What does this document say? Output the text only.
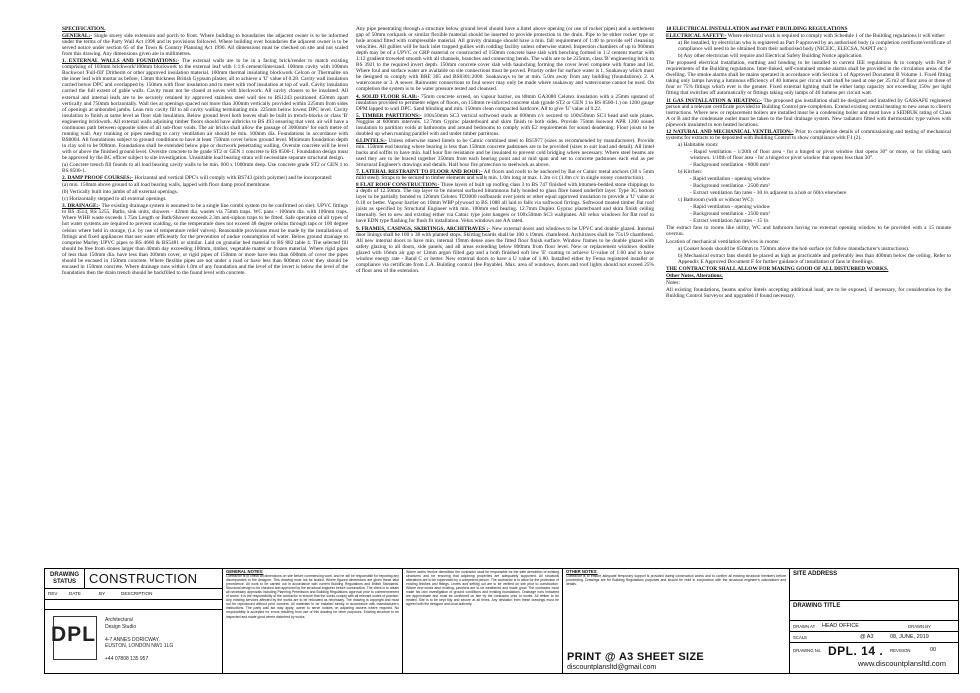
SPECIFICATION.

GENERAL:- Single storey side extension and porch to front. Where building to boundaries the adjacent owner is to be informed under the terms of the Party Wall Act 1996 and its provisions followed. Where building over boundaries the adjacent owner is to be served notice under section 65 of the Town & Country Planning Act 1990. All dimensions must be checked on site and not scaled from this drawing. Any dimensions given are in millimetres.

1. EXTERNAL WALLS AND FOUNDATIONS:- The external walls are to be in a facing brick/render to match existing comprising of 103mm brickwork/100mm blockwork to the external leaf with 1:1:6 cement/lime/sand. 100mm cavity with 100mm Rockwool 'Full-fill' Dritherm or other approved insulation material. 100mm thermal insulating blockwork Celcon or Thermalite on the inner leaf with mortar as before, 13mm thickness British Gypsum plaster, all to achieve a 'U' value of 0.28. Cavity wall insulation carried below DPC and overlapped by 150mm with floor insulation and to meet with roof insulation at top of wall. Cavity insulation carried the full extent of gable walls. Cavity must not be closed at eaves with blockwork. All cavity closers to be insulated. All external and internal leafs are to be securely retained by approved stainless steel wall ties to BS1243 positioned 450mm apart vertically and 750mm horizontally. Wall ties at openings spaced not more than 300mm vertically provided within 225mm from sides of openings at unbonded jambs. Lean mix cavity fill to all cavity walling terminating min. 225mm below lowest DPC level. Cavity insulation to finish at same level as floor slab insulation. Below ground level both leaves shall be built in trench-blocks or class 'B' engineering brickwork. All external walls adjoining timber floors should have airbricks to BS 493 ensuring that vent. air will have a continuous path between opposite sides of all sub-floor voids. The air bricks shall allow the passage of 3000mm² for each metre of running wall. Any trunking or pipes needing to carry ventilation air should be min. 100mm dia. Foundations in accordance with BS8004. All foundations subject to ground conditions to have at least 750mm cover below ground level. Minimum foundation depth in clay soil to be 900mm. Foundations shall be extended below pipe or ductwork penetrating walling. Oversite concrete will be level with or above the finished ground level. Oversite concrete to be grade ST2 or GEN 1 concrete to BS 8500-1. Foundation design must be approved by the BC officer subject to site investigation. Unsuitable load bearing strata will necessitate separate structural design.

(a) Concrete trench fill founds to all load bearing cavity walls to be min. 600 x 1000mm deep. Use concrete grade ST2 or GEN 1 to BS 8500-1.

2. DAMP PROOF COURSES:- Horizontal and vertical DPC's will comply with BS743 (pitch polymer) and be incorporated:

(a) min. 150mm above ground to all load bearing walls, lapped with floor damp proof membrane.

(b) Vertically built into jambs of all external openings.

(c) Horizontally stepped to all external openings.

3. DRAINAGE:- The existing drainage system is assumed to be a single line combi system (to be confirmed on site). UPVC fittings to BS 4514, BS 5255. Baths, sink units, showers - 42mm dia. wastes via 75mm traps. WC pans - 100mm dia. with 100mm traps. Where WHB waste exceeds 1.75m Length or Bath/Shower exceeds 2.3m anti-siphon traps to be fitted. Safe operation of all types of hot water systems are required to prevent scalding, so the temperature does not exceed 48 degree celsius through taps or 100 degree celsius where held in storage, (i.e. by use of temperature relief valves). Reasonable provisions must be made by the installations of fittings and fixed appliances that use water efficiently for the prevention of undue consumption of water. Below ground drainage to comprise Marley UPVC pipes to BS 4660 & BS5481 or similar. Laid on granular bed material to BS 882 table 4. The selected fill should be free from stones larger than 40mm day exceeding 100mm, timber, vegetable matter or frozen material. Where rigid pipes of less than 150mm dia. have less than 300mm cover, or rigid pipes of 150mm or more have less than 600mm of cover the pipes should be encased in 150mm concrete. Where flexible pipes are not under a road or have less than 600mm cover they should be encased in 150mm concrete. Where drainage runs within 1.0m of any foundation and the level of the invert is below the level of the foundation then the drain trench should be backfilled to the found level with concrete.

Any pipe penetrating through a structure below ground level should have a lintel above opening (or use of rocker pipes) and a settlement gap of 50mm corkpack or similar flexible material should be inserted to provide protection to the drain. Pipe to be either rocker type or hole around fitted with compressible material. All gravity drainage should have a min. fall requirement of 1:40 to provide self cleansing velocities. All gullies will be back inlet trapped gullies with rodding facility unless otherwise stated. Inspection chambers of up to 900mm depth may be of a UPVC or GRP material or constructed of 150mm concrete base slab with benching formed in 1:2 cement mortar with 1:12 gradient troweled smooth with all channels, branches and connecting bends. The walls are to be 225mm, class 'B' engineering brick to BS 3921 to the required invert depth. 150mm concrete cover slab with haunching forming the cover level complete with frame and lid. Where foul and surface water are available on site connections must be proved. Priority order for surface water is 1. Soakaway which must be designed to comply with BRE 365 and BS8301:2000. Soakaways to be at min. 5.0m away from any building (foundations). 2. A watercourse or 3. A sewer. Rainwater connections to foul sewer may only be made where soakaway and watercourse cannot be used. On completion the system is to be water pressure tested and cleansed.

4. SOLID FLOOR SLAB:- 75mm concrete screed, on vapour barrier, on 80mm GA3080 Celotex insulation with a 25mm upstand of insulation provided to perimeter edges of floors, on 150mm re-inforced concrete slab (grade ST2 or GEN 1 to BS 8500-1.) on 1200 gauge DPM lapped to wall DPC. Sand blinding and min. 150mm clean compacted hardcore. All to give 'U' value of 0.22.

5. TIMBER PARTITIONS:- 100x50mm SC3 vertical softwood studs at 600mm c/c secured to 100x50mm SC3 head and sole plates. Noggins at 600mm intervals. 12.7mm Gyproc plasterboard and skim finish to both sides. Provide 75mm Isowool APR 1200 sound insulation to partition voids at bathrooms and around bedrooms to comply with E2 requirements for sound deadening. Floor joists to be doubled up when running parallel with and under timber partitions.

6.LINTELS:- Unless otherwise stated lintels to be Catnic combined steel to BS5977 (sizes as recommended by manufacturer). Provide min. 150mm end bearing where bearing is less than 150mm concrete padstones are to be provided (sizes to suit load and detail). All lintel backs and soffits to have min. half hour fire resistance and be insulated to prevent cold bridging where necessary. Where steel beams are used they are to be braced together 350mm from each bearing point and at mid span and set to concrete padstones each end as per Structural Engineer's drawings and details. Half hour fire protection to steelwork as above.

7. LATERAL RESTRAINT TO FLOOR AND ROOF:- All floors and roofs to be anchored by Bat or Catnic metal anchors (30 x 5mm mild steel). Straps to be secured to timber elements and walls min. 1.0m long at max. 1.2m c/c (1.8m c/c in single storey construction).

8 FLAT ROOF CONSTRUCTION:- Three layers of built up roofing class 3 to BS 747 finished with bitumen-bedded stone chippings to a depth of 12.50mm. The top layer to be mineral surfaced bituminous fully bonded to glass fibre based underfelt layer. Type 3G bottom layer to be partially bonded to 126mm Celotex TD3000 roofboards over joists or other equal approved insulation to provide a 'U' value at 0.18 or better. Vapour barrier on 10mm WBP plywood to BS 1088 all laid to falls via softwood firrings. Softwood treated timber flat roof joists as specified by Structural Engineer with min. 100mm end bearing. 12.7mm Duplex Gyproc plasterboard and skim finish ceiling internally. Set to new and existing either via Catnic type joist hangers or 100x50mm SC3 wallplates. All velux windows for flat roof to have EDN type flashing for flush fit installation. Velux windows are AA rated.

9. FRAMES, CASINGS, SKIRTINGS, ARCHITRAVES :- New external doors and windows to be UPVC and double glazed. Internal door linings shall be 100 x 38 with planted stops. Skirting boards shall be 100 x 19mm. chamfered. Architraves shall be 75x19 chamfered. All new internal doors to have min. internal 19mm dense ones the fitted floor finish surface. Window frames to be double glazed with safety glazing to all doors, side panels, and all areas extending below 800mm from floor level. New or replacement windows double glazed with 16mm air gap or 12mm argon filled gap and a both finished soft low 'E' coating to achieve U-value of 1.60 and to have window energy rate - Band C or better. New external doors to have a U value of 1.80. Installed either by Fensa registered installer or compliance via certificate from L.A. Building control (fee Payable). Max. area of windows, doors and roof lights should not exceed 25% of floor area of the extension.

10 ELECTRICAL INSTALLATION and PART P BUILDING REGULATIONS

ELECTRICAL SAFETY:- Where electrical work is required to comply with Schedule 1 of the Building regulations it will either:

a) Be installed, by electrician who is registered as Part P approved by an authorised body (a completion certificate/certificate of compliance will need to be obtained from their authorised body (NICEIC, ELECSA, NAPIT etc.)

b) Any other electrician will require and Electrical Safety Building Notice application.

The proposed electrical installation, earthing and bonding to be installed to current IEE regulations & to comply with Part P requirements of the Building regulations. Inter-linked, self-contained smoke alarms shall be provided in the circulation areas of the dwelling. The smoke alarms shall be mains operated in accordance with Section 1 of Approved Document B Volume 1. Fixed fitting taking only lamps having a luminous efficiency of 40 lumens per circuit watt shall be used at one per 25 m2 of floor area or three of four or 75% fittings which ever is the greater. Fixed external lighting shall be either lamp capacity not exceeding 150w per light fitting that switches off automatically or fittings taking only lamps of 40 lumens per circuit watt.

11 GAS INSTALLATION & HEATING:- The proposed gas installation shall be designed and installed by GASSAFE registered person and a relevant certificate provided to Building Control pre-completion. Extend existing central heating to new areas to client's instructions. Where new or replacement boilers are installed must be a condensing boiler and must have a SEDBUK rating of Class A or B and the condensate outlet must be taken to the foul drainage system. New radiators fitted with thermostatic type valves with pipework insulated to non heated locations.

12 NATURAL AND MECHANICAL VENTILATION:- Prior to completion details of commissioning and testing of mechanical systems for extracts to be deposited with Building Control to show compliance with F1 (2).

a) Habitable room:

- Rapid ventilation - 1/20th of floor area - for a hinged or pivot window that opens 30° or more, or for sliding sash windows. 1/10th of floor area - for a hinged or pivot window that opens less than 30°.

- Background ventilation - 8000 mm²

b) Kitchen:

- Rapid ventilation - opening window

- Background ventilation - 2500 mm²

- Extract ventilation fan rates - 30 l/s adjacent to a hob or 60l/s elsewhere

c) Bathroom (with or without WC):

- Rapid ventilation - opening window

- Background ventilation - 2500 mm²

- Extract ventilation fan rates - 15 l/s

The extract fans to rooms like utility, WC and bathroom having no external opening window to be provided with a 15 minute overrun.

Location of mechanical ventilation devices in rooms:

a) Cooker hoods should be 650mm to 750mm above the hob surface (or follow manufacturer's instructions).

b) Mechanical extract fans should be placed as high as practicable and preferably less than 400mm below the ceiling. Refer to Appendix E Approved Document F for further guidance of installation of fans in dwellings.

THE CONTRACTOR SHALL ALLOW FOR MAKING GOOD OF ALL DISTURBED WORKS.

Other Notes, Alterations.

Notes:

All existing foundations, beams and/or lintels accepting additional load, are to be exposed, if necessary, for consideration by the Building Control Surveyor and upgraded if found necessary.

DRAWING STATUS CONSTRUCTION
REV	DATE	BY	DESCRIPTION
DPL
Architectural
Design Studio

4-7 ANNES DORICWAY,
EUSTON, LONDON NW1 1LG

+44 07808 135 957
GENERAL NOTES:
Contractor is to check all dimensions on site before commencing work, and he will be responsible for reporting any discrepancies to the designer. This drawing must not be scaled. Where figured dimensions are given these take precedence. All work to be carried out in accordance with current Building Regulations and British Standards. Structural design to be checked and approved by the structural engineer before construction. The client is to obtain all necessary approvals including Planning Permission and Building Regulations approval prior to commencement of works. It is the responsibility of the contractor to ensure that the works comply with all relevant codes of practice. Any existing services affected by the works are to be relocated as necessary. The drawing is copyright and must not be reproduced without prior consent. All materials to be installed strictly in accordance with manufacturer's instructions. The party wall act may apply; owner to serve notices on adjoining owners where required. No responsibility is accepted for errors resulting from use of this drawing for other purposes. Existing structure to be inspected and made good where disturbed by works.
Where works involve demolition the contractor shall be responsible for the safe demolition of existing structures and for ensuring that adjoining properties are adequately supported. All structural alterations are to be supervised by a competent person. The contractor is to allow for the protection of existing finishes and fittings. Levels and setting out are to be verified on site prior to construction. Where new works abut existing, junctions are to be weathered and made good. The contractor must make his own investigation of ground conditions and existing foundations. Drainage runs indicated are approximate and must be confirmed on site by the contractor prior to works. All timber to be treated. Site is to be kept tidy and secure at all times. Any deviation from these drawings must be agreed with the designer and local authority.
OTHER NOTES:
Contractor is to ensure adequate temporary support is provided during construction works and to confirm all existing structural members before proceeding. Drawings are for Building Regulations purposes and should be read in conjunction with the structural engineer's calculations and details.
PRINT @ A3 SHEET SIZE
discountplansltd@gmail.com
SITE ADDRESS
DRAWING TITLE
DRAWN AT HEAD OFFICE	DRAWN BY
SCALE	@ A3	08, JUNE, 2019
DRAWING No. DPL. 14 . REVISION	00
www.discountplansltd.com
